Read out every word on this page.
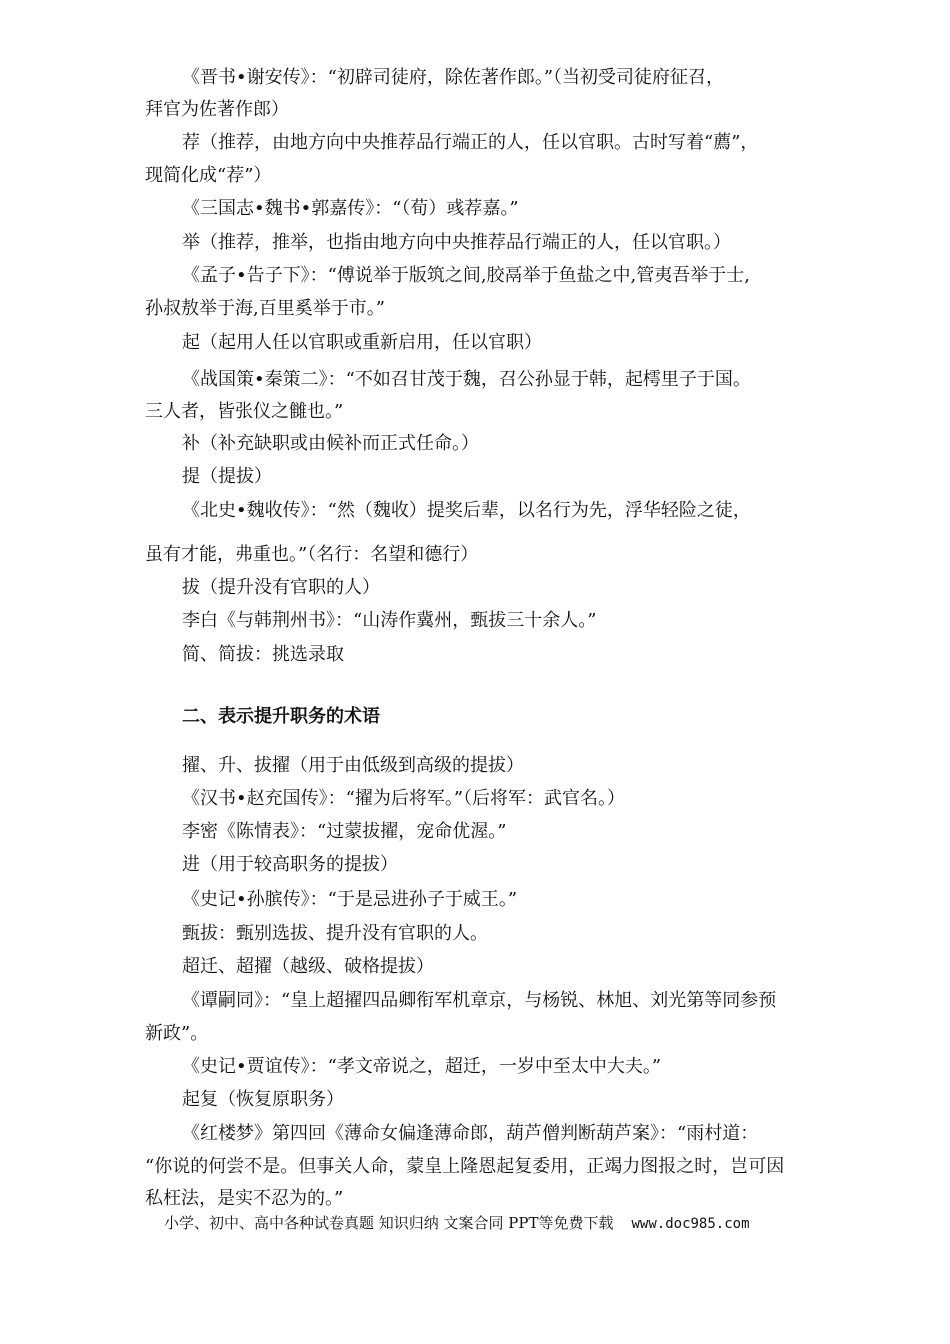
《晋书•谢安传》：“初辟司徒府，除佐著作郎。”（当初受司徒府征召，
拜官为佐著作郎）
荐（推荐，由地方向中央推荐品行端正的人，任以官职。古时写着“薦”，
现简化成“荐”）
《三国志•魏书•郭嘉传》：“（荀）彧荐嘉。”
举（推荐，推举，也指由地方向中央推荐品行端正的人，任以官职。）
《孟子•告子下》：“傅说举于版筑之间,胶鬲举于鱼盐之中,管夷吾举于士,
孙叔敖举于海,百里奚举于市。”
起（起用人任以官职或重新启用，任以官职）
《战国策•秦策二》：“不如召甘茂于魏，召公孙显于韩，起樗里子于国。
三人者，皆张仪之雠也。”
补（补充缺职或由候补而正式任命。）
提（提拔）
《北史•魏收传》：“然（魏收）提奖后辈，以名行为先，浮华轻险之徒，
虽有才能，弗重也。”（名行：名望和德行）
拔（提升没有官职的人）
李白《与韩荆州书》：“山涛作冀州，甄拔三十余人。”
简、简拔：挑选录取
二、表示提升职务的术语
擢、升、拔擢（用于由低级到高级的提拔）
《汉书•赵充国传》：“擢为后将军。”（后将军：武官名。）
李密《陈情表》：“过蒙拔擢，宠命优渥。”
进（用于较高职务的提拔）
《史记•孙膑传》：“于是忌进孙子于威王。”
甄拔：甄别选拔、提升没有官职的人。
超迁、超擢（越级、破格提拔）
《谭嗣同》：“皇上超擢四品卿衔军机章京，与杨锐、林旭、刘光第等同参预
新政”。
《史记•贾谊传》：“孝文帝说之，超迁，一岁中至太中大夫。”
起复（恢复原职务）
《红楼梦》第四回《薄命女偏逢薄命郎，葫芦僧判断葫芦案》：“雨村道：
“你说的何尝不是。但事关人命，蒙皇上隆恩起复委用，正竭力图报之时，岂可因
私枉法，是实不忍为的。”
小学、初中、高中各种试卷真题 知识归纳 文案合同 PPT等免费下载 www.doc985.com
